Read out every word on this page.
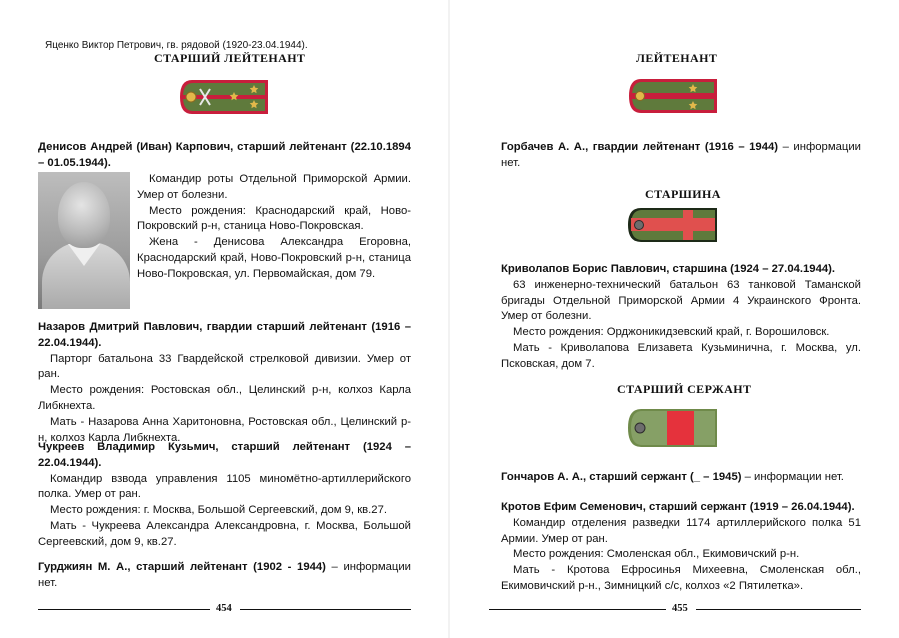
Яценко Виктор Петрович, гв. рядовой (1920-23.04.1944).
СТАРШИЙ ЛЕЙТЕНАНТ
Денисов Андрей (Иван) Карпович, старший лейтенант (22.10.1894 – 01.05.1944).
Командир роты Отдельной Приморской Армии. Умер от болезни.
Место рождения: Краснодарский край, Ново-Покровский р-н, станица Ново-Покровская.
Жена - Денисова Александра Егоровна, Краснодарский край, Ново-Покровский р-н, станица Ново-Покровская, ул. Первомайская, дом 79.
Назаров Дмитрий Павлович, гвардии старший лейтенант (1916 – 22.04.1944).
Парторг батальона 33 Гвардейской стрелковой дивизии. Умер от ран.
Место рождения: Ростовская обл., Целинский р-н, колхоз Карла Либкнехта.
Мать - Назарова Анна Харитоновна, Ростовская обл., Целинский р-н, колхоз Карла Либкнехта.
Чукреев Владимир Кузьмич, старший лейтенант (1924 – 22.04.1944).
Командир взвода управления 1105 миномётно-артиллерийского полка. Умер от ран.
Место рождения: г. Москва, Большой Сергеевский, дом 9, кв.27.
Мать - Чукреева Александра Александровна, г. Москва, Большой Сергеевский, дом 9, кв.27.
Гурджиян М. А., старший лейтенант (1902 - 1944) – информации нет.
454
ЛЕЙТЕНАНТ
Горбачев А. А., гвардии лейтенант (1916 – 1944) – информации нет.
СТАРШИНА
Криволапов Борис Павлович, старшина (1924 – 27.04.1944).
63 инженерно-технический батальон 63 танковой Таманской бригады Отдельной Приморской Армии 4 Украинского Фронта. Умер от болезни.
Место рождения: Орджоникидзевский край, г. Ворошиловск.
Мать - Криволапова Елизавета Кузьминична, г. Москва, ул. Псковская, дом 7.
СТАРШИЙ СЕРЖАНТ
Гончаров А. А., старший сержант (_ – 1945) – информации нет.
Кротов Ефим Семенович, старший сержант (1919 – 26.04.1944).
Командир отделения разведки 1174 артиллерийского полка 51 Армии. Умер от ран.
Место рождения: Смоленская обл., Екимовичский р-н.
Мать - Кротова Ефросинья Михеевна, Смоленская обл., Екимовичский р-н., Зимницкий с/с, колхоз «2 Пятилетка».
455
